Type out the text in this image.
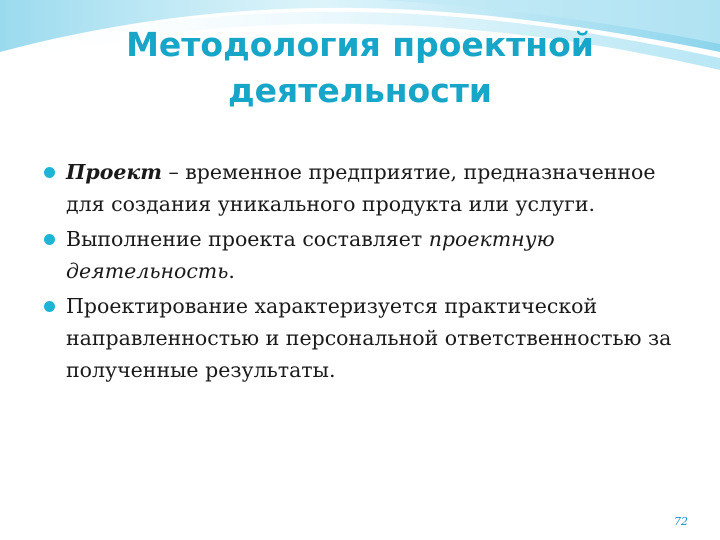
Методология проектной
деятельности
Проект – временное предприятие, предназначенное для создания уникального продукта или услуги.
Выполнение проекта составляет проектную деятельность.
Проектирование характеризуется практической направленностью и персональной ответственностью за полученные результаты.
72
